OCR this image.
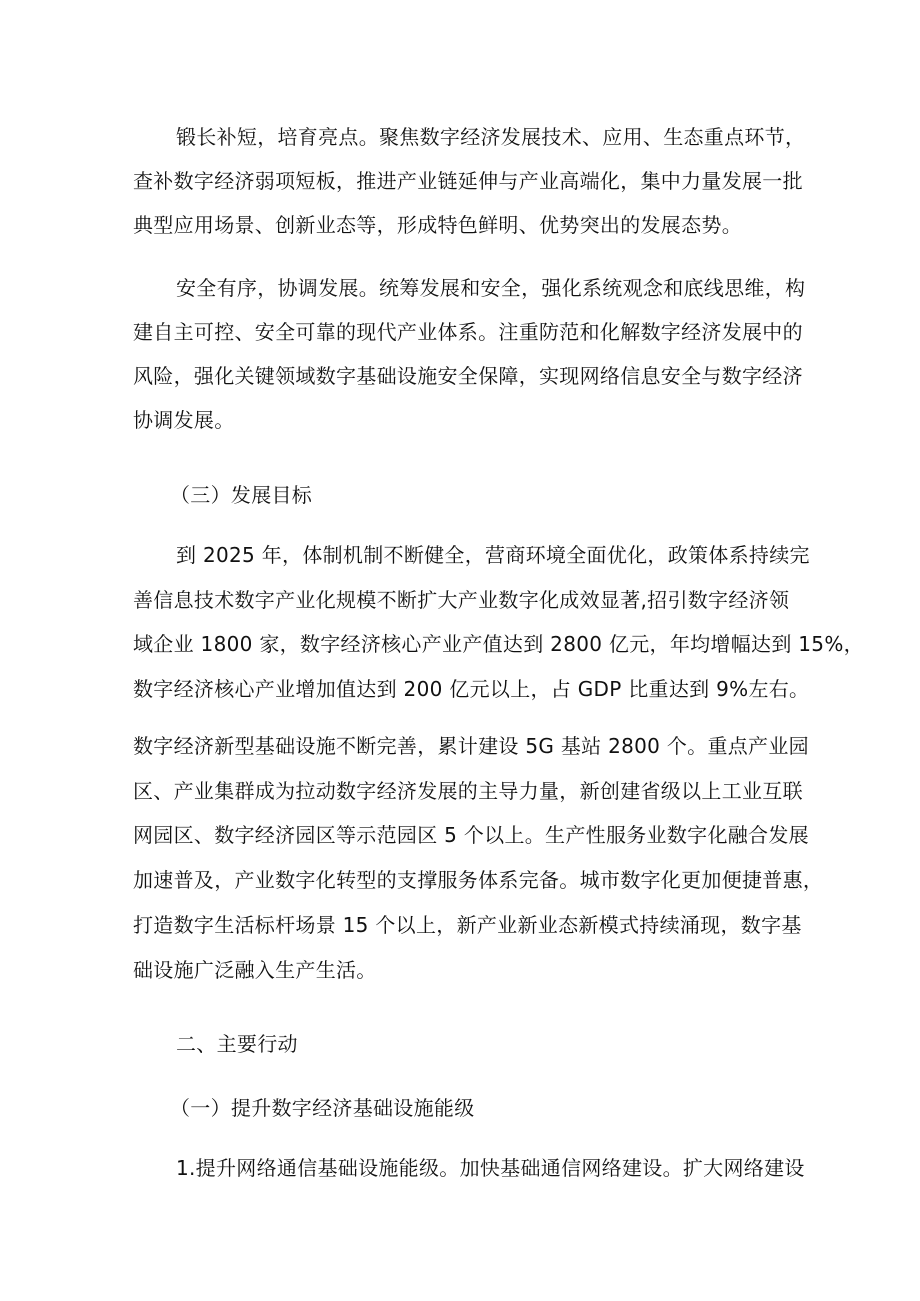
锻长补短，培育亮点。聚焦数字经济发展技术、应用、生态重点环节，
查补数字经济弱项短板，推进产业链延伸与产业高端化，集中力量发展一批
典型应用场景、创新业态等，形成特色鲜明、优势突出的发展态势。
安全有序，协调发展。统筹发展和安全，强化系统观念和底线思维，构
建自主可控、安全可靠的现代产业体系。注重防范和化解数字经济发展中的
风险，强化关键领域数字基础设施安全保障，实现网络信息安全与数字经济
协调发展。
（三）发展目标
到 2025 年，体制机制不断健全，营商环境全面优化，政策体系持续完
善信息技术数字产业化规模不断扩大产业数字化成效显著,招引数字经济领
域企业 1800 家，数字经济核心产业产值达到 2800 亿元，年均增幅达到 15%，
数字经济核心产业增加值达到 200 亿元以上，占 GDP 比重达到 9%左右。
数字经济新型基础设施不断完善，累计建设 5G 基站 2800 个。重点产业园
区、产业集群成为拉动数字经济发展的主导力量，新创建省级以上工业互联
网园区、数字经济园区等示范园区 5 个以上。生产性服务业数字化融合发展
加速普及，产业数字化转型的支撑服务体系完备。城市数字化更加便捷普惠，
打造数字生活标杆场景 15 个以上，新产业新业态新模式持续涌现，数字基
础设施广泛融入生产生活。
二、主要行动
（一）提升数字经济基础设施能级
1.提升网络通信基础设施能级。加快基础通信网络建设。扩大网络建设
